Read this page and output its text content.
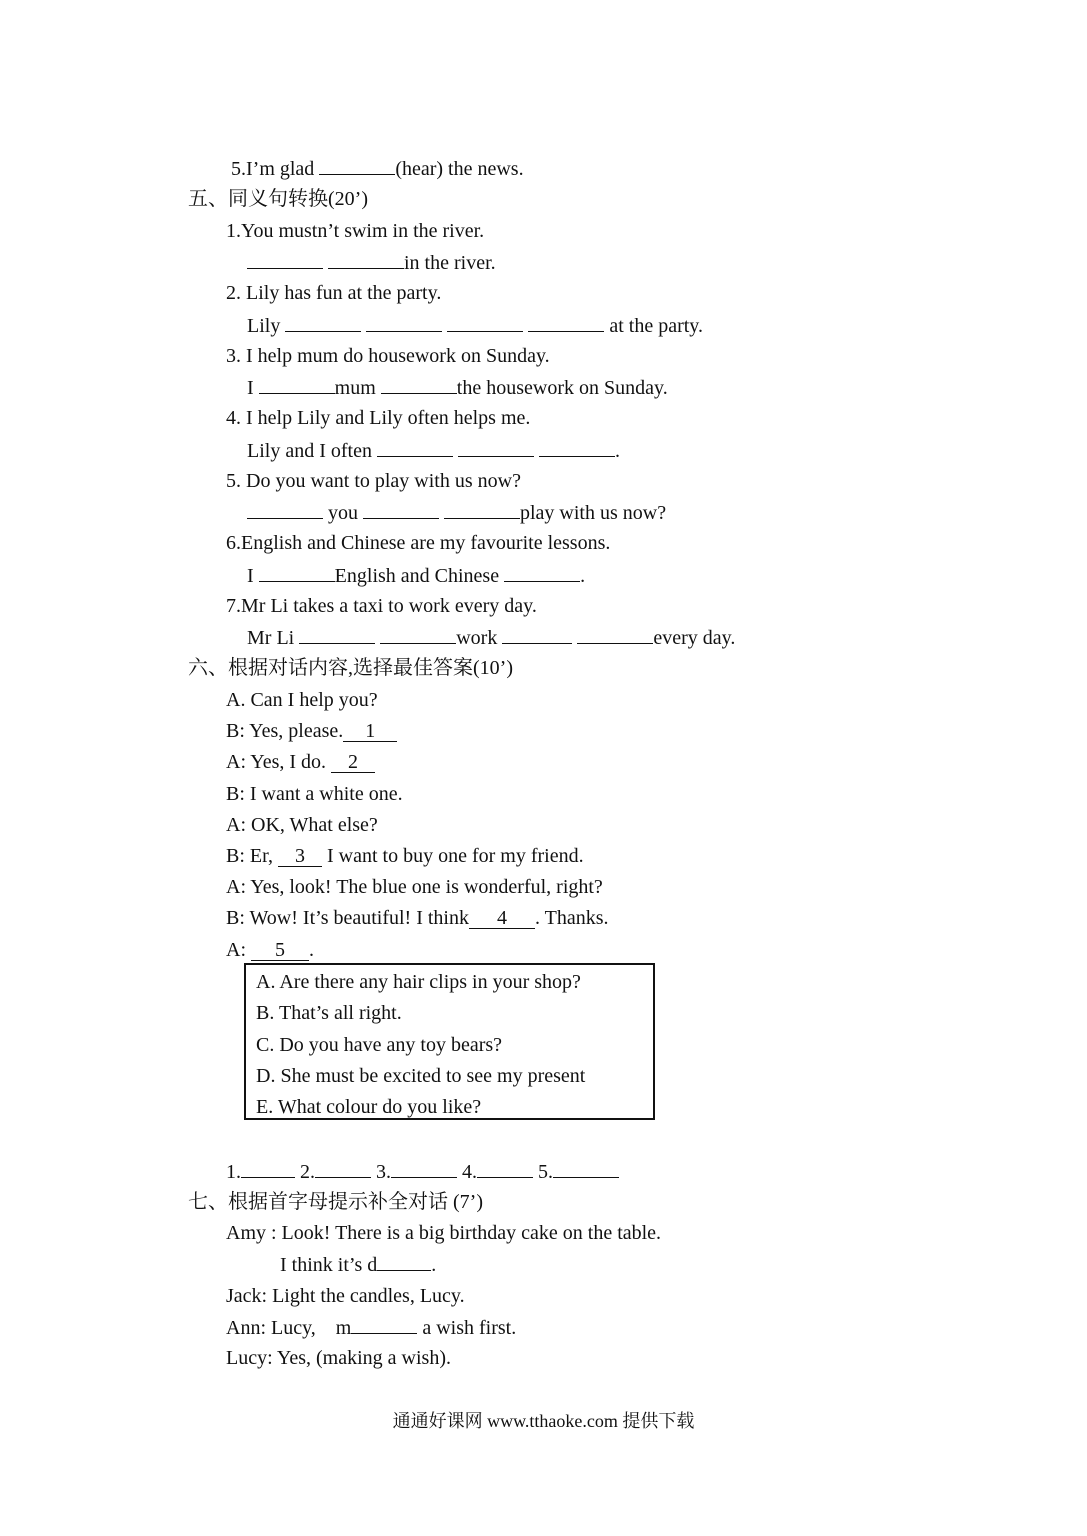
5.I’m glad	(hear) the news.
五、同义句转换(20’)
1.You mustn’t swim in the river.
in the river.
2. Lily has fun at the party.
Lily	at the party.
3. I help mum do housework on Sunday.
I	mum	the housework on Sunday.
4. I help Lily and Lily often helps me.
Lily and I often	.
5. Do you want to play with us now?
you	play with us now?
6.English and Chinese are my favourite lessons.
I	English and Chinese	.
7.Mr Li takes a taxi to work every day.
Mr Li	work	every day.
六、根据对话内容,选择最佳答案(10’)
A. Can I help you?
B: Yes, please. 1
A: Yes, I do. 2
B: I want a white one.
A: OK, What else?
B: Er, 3 I want to buy one for my friend.
A: Yes, look! The blue one is wonderful, right?
B: Wow! It’s beautiful! I think 4 . Thanks.
A: 5 .
A. Are there any hair clips in your shop?
B. That’s all right.
C. Do you have any toy bears?
D. She must be excited to see my present
E. What colour do you like?
1.	2.	3.	4.	5.
七、根据首字母提示补全对话 (7’)
Amy : Look! There is a big birthday cake on the table.
I think it’s d	.
Jack: Light the candles, Lucy.
Ann: Lucy,    m	a wish first.
Lucy: Yes, (making a wish).
通通好课网 www.tthaoke.com 提供下载
